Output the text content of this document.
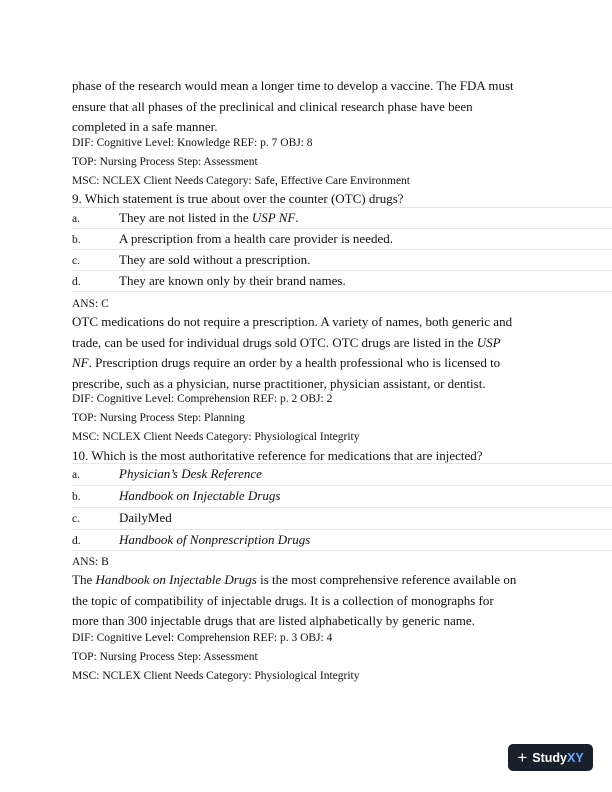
phase of the research would mean a longer time to develop a vaccine. The FDA must
ensure that all phases of the preclinical and clinical research phase have been
completed in a safe manner.
DIF: Cognitive Level: Knowledge REF: p. 7 OBJ: 8
TOP: Nursing Process Step: Assessment
MSC: NCLEX Client Needs Category: Safe, Effective Care Environment
9. Which statement is true about over the counter (OTC) drugs?
a.	They are not listed in the USP NF.
b.	A prescription from a health care provider is needed.
c.	They are sold without a prescription.
d.	They are known only by their brand names.
ANS: C
OTC medications do not require a prescription. A variety of names, both generic and
trade, can be used for individual drugs sold OTC. OTC drugs are listed in the USP
NF. Prescription drugs require an order by a health professional who is licensed to
prescribe, such as a physician, nurse practitioner, physician assistant, or dentist.
DIF: Cognitive Level: Comprehension REF: p. 2 OBJ: 2
TOP: Nursing Process Step: Planning
MSC: NCLEX Client Needs Category: Physiological Integrity
10. Which is the most authoritative reference for medications that are injected?
a.	Physician’s Desk Reference
b.	Handbook on Injectable Drugs
c.	DailyMed
d.	Handbook of Nonprescription Drugs
ANS: B
The Handbook on Injectable Drugs is the most comprehensive reference available on
the topic of compatibility of injectable drugs. It is a collection of monographs for
more than 300 injectable drugs that are listed alphabetically by generic name.
DIF: Cognitive Level: Comprehension REF: p. 3 OBJ: 4
TOP: Nursing Process Step: Assessment
MSC: NCLEX Client Needs Category: Physiological Integrity
+ Study XY
